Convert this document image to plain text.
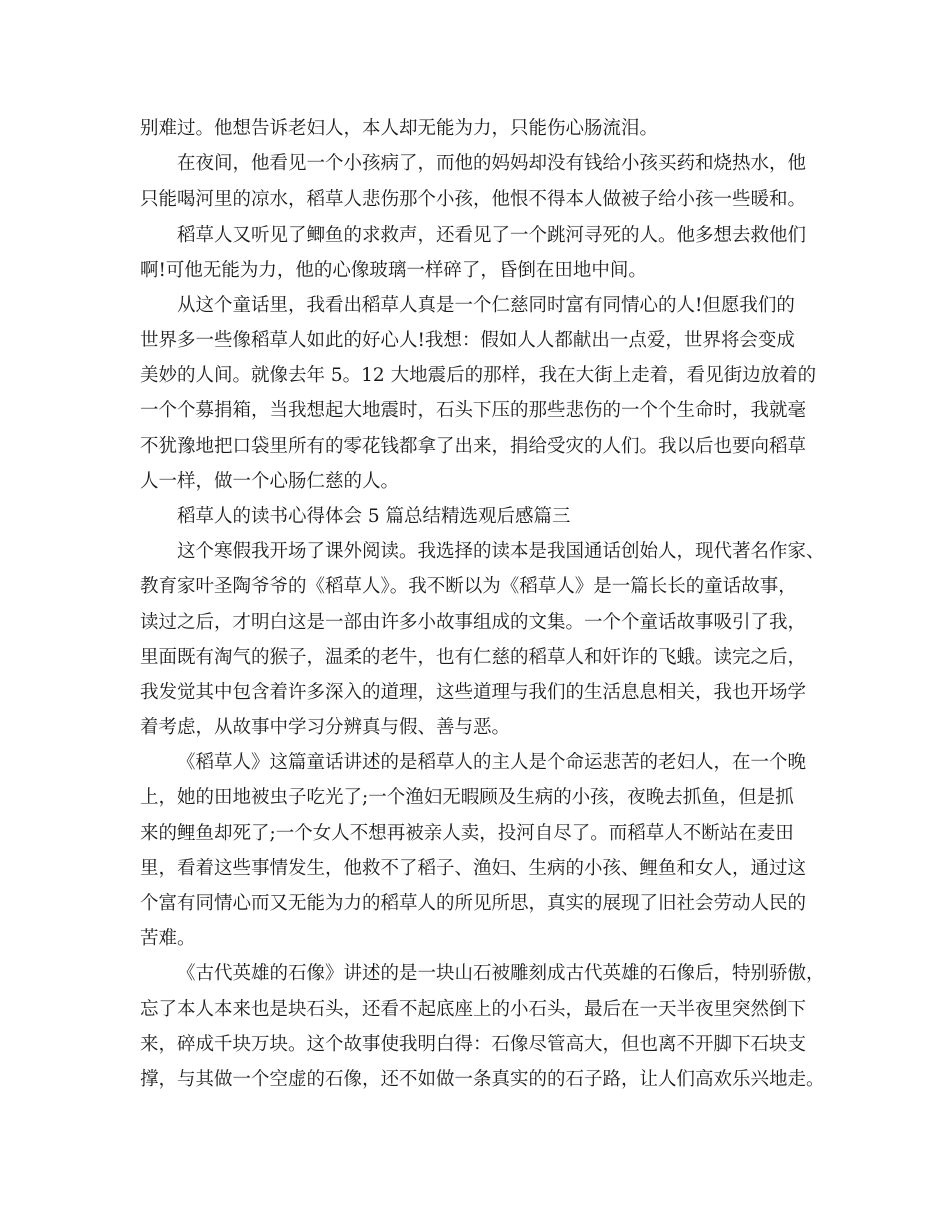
别难过。他想告诉老妇人，本人却无能为力，只能伤心肠流泪。

在夜间，他看见一个小孩病了，而他的妈妈却没有钱给小孩买药和烧热水，他

只能喝河里的凉水，稻草人悲伤那个小孩，他恨不得本人做被子给小孩一些暖和。

稻草人又听见了鲫鱼的求救声，还看见了一个跳河寻死的人。他多想去救他们

啊!可他无能为力，他的心像玻璃一样碎了，昏倒在田地中间。

从这个童话里，我看出稻草人真是一个仁慈同时富有同情心的人!但愿我们的

世界多一些像稻草人如此的好心人!我想：假如人人都献出一点爱，世界将会变成

美妙的人间。就像去年 5。12 大地震后的那样，我在大街上走着，看见街边放着的

一个个募捐箱，当我想起大地震时，石头下压的那些悲伤的一个个生命时，我就毫

不犹豫地把口袋里所有的零花钱都拿了出来，捐给受灾的人们。我以后也要向稻草

人一样，做一个心肠仁慈的人。

稻草人的读书心得体会 5 篇总结精选观后感篇三

这个寒假我开场了课外阅读。我选择的读本是我国通话创始人，现代著名作家、

教育家叶圣陶爷爷的《稻草人》。我不断以为《稻草人》是一篇长长的童话故事，

读过之后，才明白这是一部由许多小故事组成的文集。一个个童话故事吸引了我，

里面既有淘气的猴子，温柔的老牛，也有仁慈的稻草人和奸诈的飞蛾。读完之后，

我发觉其中包含着许多深入的道理，这些道理与我们的生活息息相关，我也开场学

着考虑，从故事中学习分辨真与假、善与恶。

《稻草人》这篇童话讲述的是稻草人的主人是个命运悲苦的老妇人，在一个晚

上，她的田地被虫子吃光了;一个渔妇无暇顾及生病的小孩，夜晚去抓鱼，但是抓

来的鲤鱼却死了;一个女人不想再被亲人卖，投河自尽了。而稻草人不断站在麦田

里，看着这些事情发生，他救不了稻子、渔妇、生病的小孩、鲤鱼和女人，通过这

个富有同情心而又无能为力的稻草人的所见所思，真实的展现了旧社会劳动人民的

苦难。

《古代英雄的石像》讲述的是一块山石被雕刻成古代英雄的石像后，特别骄傲，

忘了本人本来也是块石头，还看不起底座上的小石头，最后在一天半夜里突然倒下

来，碎成千块万块。这个故事使我明白得：石像尽管高大，但也离不开脚下石块支

撑，与其做一个空虚的石像，还不如做一条真实的的石子路，让人们高欢乐兴地走。
